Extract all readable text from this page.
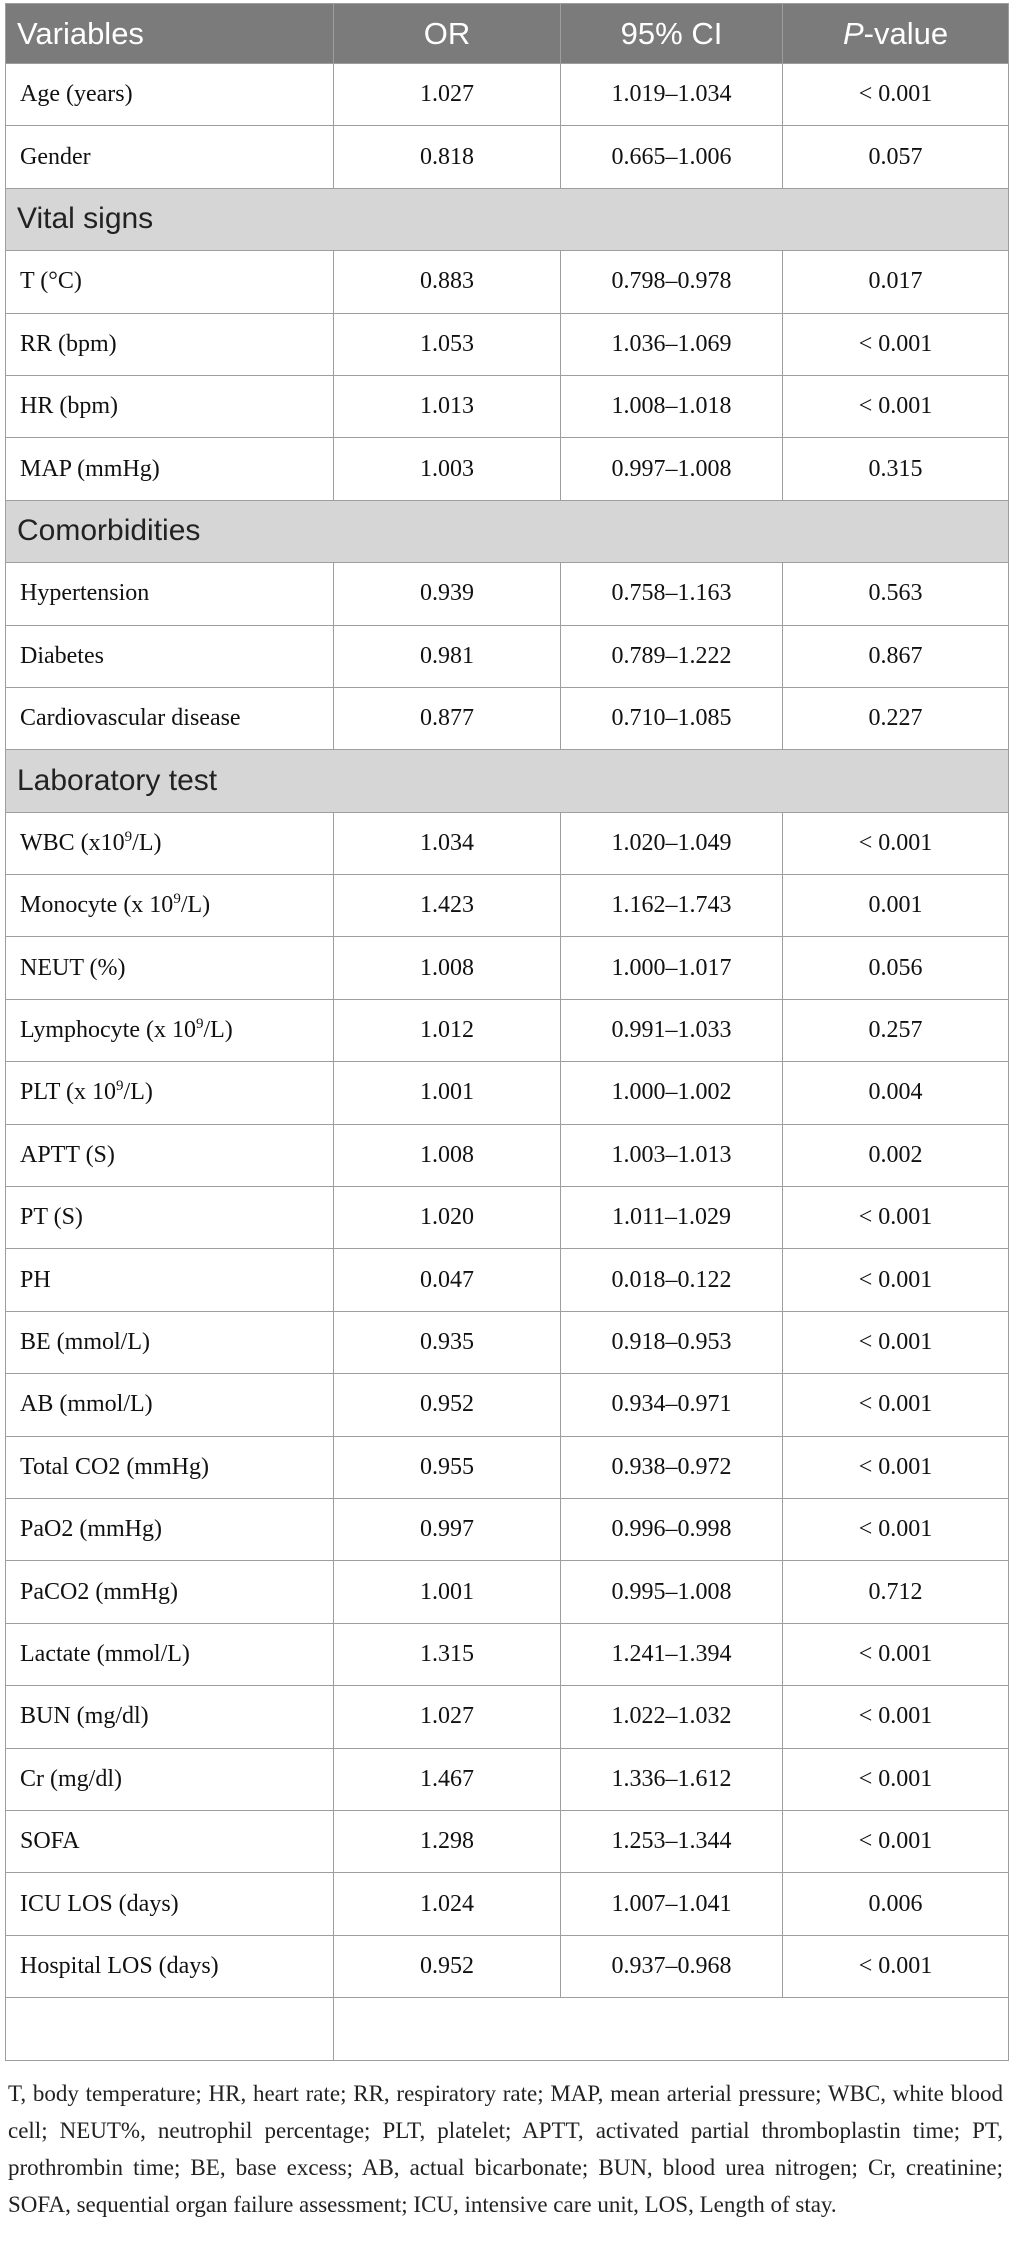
Variables	OR	95% CI	P-value
Age (years)	1.027	1.019–1.034	< 0.001
Gender	0.818	0.665–1.006	0.057
Vital signs			
T (°C)	0.883	0.798–0.978	0.017
RR (bpm)	1.053	1.036–1.069	< 0.001
HR (bpm)	1.013	1.008–1.018	< 0.001
MAP (mmHg)	1.003	0.997–1.008	0.315
Comorbidities			
Hypertension	0.939	0.758–1.163	0.563
Diabetes	0.981	0.789–1.222	0.867
Cardiovascular disease	0.877	0.710–1.085	0.227
Laboratory test			
WBC $(x10^9/L)$	1.034	1.020–1.049	< 0.001
Monocyte (x $10^9/L$)	1.423	1.162–1.743	0.001
NEUT (%)	1.008	1.000–1.017	0.056
Lymphocyte (x $10^9/L$)	1.012	0.991–1.033	0.257
PLT (x $10^9/L$)	1.001	1.000–1.002	0.004
APTT (S)	1.008	1.003–1.013	0.002
PT (S)	1.020	1.011–1.029	< 0.001
PH	0.047	0.018–0.122	< 0.001
BE (mmol/L)	0.935	0.918–0.953	< 0.001
AB (mmol/L)	0.952	0.934–0.971	< 0.001
Total CO2 (mmHg)	0.955	0.938–0.972	< 0.001
PaO2 (mmHg)	0.997	0.996–0.998	< 0.001
PaCO2 (mmHg)	1.001	0.995–1.008	0.712
Lactate (mmol/L)	1.315	1.241–1.394	< 0.001
BUN (mg/dl)	1.027	1.022–1.032	< 0.001
Cr (mg/dl)	1.467	1.336–1.612	< 0.001
SOFA	1.298	1.253–1.344	< 0.001
ICU LOS (days)	1.024	1.007–1.041	0.006
Hospital LOS (days)	0.952	0.937–0.968	< 0.001

T, body temperature; HR, heart rate; RR, respiratory rate; MAP, mean arterial pressure; WBC, white blood cell; NEUT%, neutrophil percentage; PLT, platelet; APTT, activated partial thromboplastin time; PT, prothrombin time; BE, base excess; AB, actual bicarbonate; BUN, blood urea nitrogen; Cr, creatinine; SOFA, sequential organ failure assessment; ICU, intensive care unit, LOS, Length of stay.
